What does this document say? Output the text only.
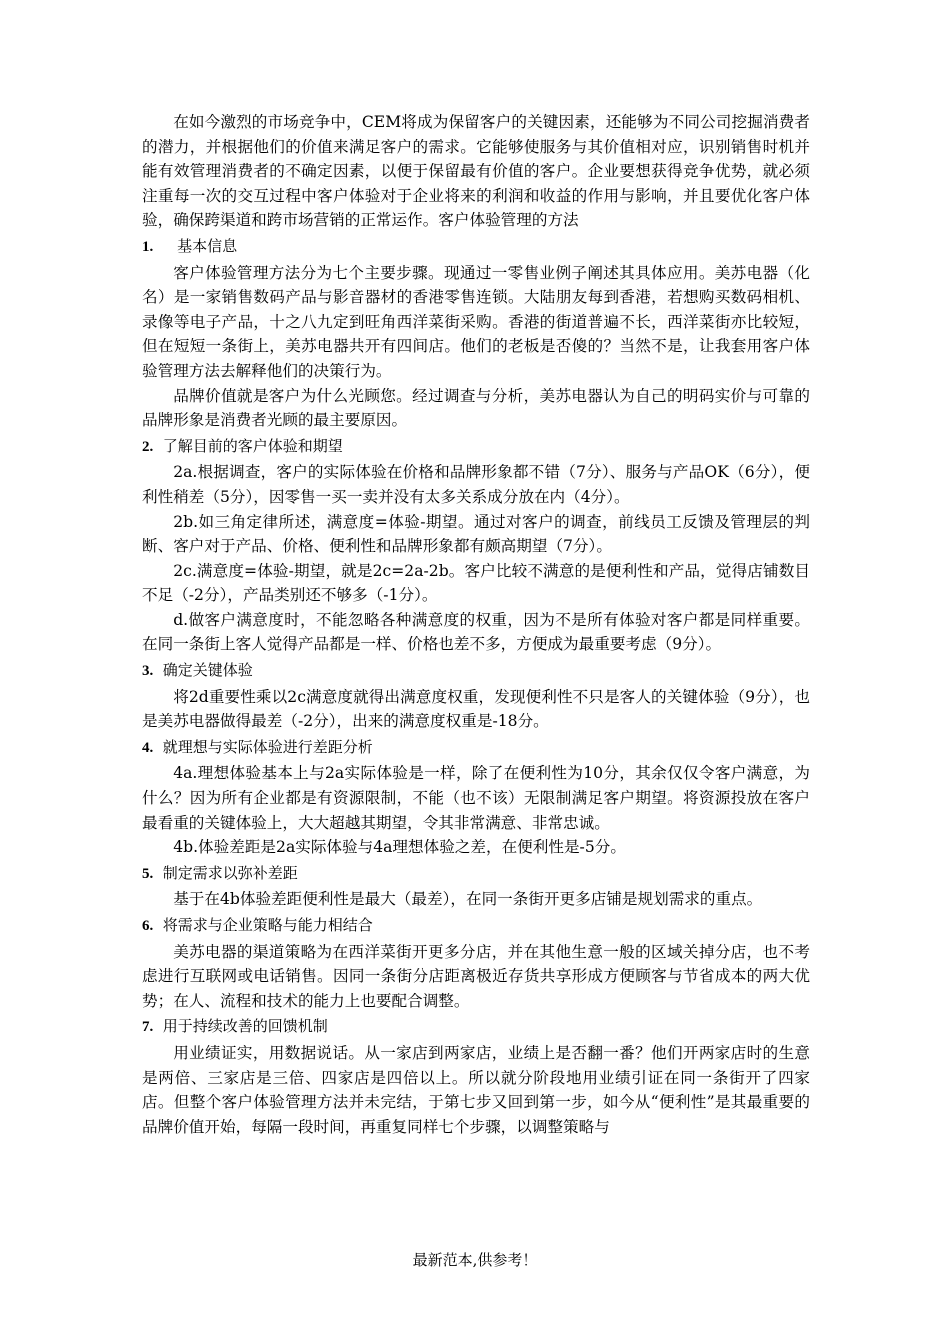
在如今激烈的市场竞争中，CEM将成为保留客户的关键因素，还能够为不同公司挖掘消费者的潜力，并根据他们的价值来满足客户的需求。它能够使服务与其价值相对应，识别销售时机并能有效管理消费者的不确定因素，以便于保留最有价值的客户。企业要想获得竞争优势，就必须注重每一次的交互过程中客户体验对于企业将来的利润和收益的作用与影响，并且要优化客户体验，确保跨渠道和跨市场营销的正常运作。客户体验管理的方法

1. 基本信息

客户体验管理方法分为七个主要步骤。现通过一零售业例子阐述其具体应用。美苏电器（化名）是一家销售数码产品与影音器材的香港零售连锁。大陆朋友每到香港，若想购买数码相机、录像等电子产品，十之八九定到旺角西洋菜街采购。香港的街道普遍不长，西洋菜街亦比较短，但在短短一条街上，美苏电器共开有四间店。他们的老板是否傻的？当然不是，让我套用客户体验管理方法去解释他们的决策行为。

品牌价值就是客户为什么光顾您。经过调查与分析，美苏电器认为自己的明码实价与可靠的品牌形象是消费者光顾的最主要原因。

2. 了解目前的客户体验和期望

2a.根据调查，客户的实际体验在价格和品牌形象都不错（7分）、服务与产品OK（6分），便利性稍差（5分），因零售一买一卖并没有太多关系成分放在内（4分）。

2b.如三角定律所述，满意度=体验-期望。通过对客户的调查，前线员工反馈及管理层的判断、客户对于产品、价格、便利性和品牌形象都有颇高期望（7分）。

2c.满意度=体验-期望，就是2c=2a-2b。客户比较不满意的是便利性和产品，觉得店铺数目不足（-2分），产品类别还不够多（-1分）。

d.做客户满意度时，不能忽略各种满意度的权重，因为不是所有体验对客户都是同样重要。在同一条街上客人觉得产品都是一样、价格也差不多，方便成为最重要考虑（9分）。

3. 确定关键体验

将2d重要性乘以2c满意度就得出满意度权重，发现便利性不只是客人的关键体验（9分），也是美苏电器做得最差（-2分），出来的满意度权重是-18分。

4. 就理想与实际体验进行差距分析

4a.理想体验基本上与2a实际体验是一样，除了在便利性为10分，其余仅仅令客户满意，为什么？因为所有企业都是有资源限制，不能（也不该）无限制满足客户期望。将资源投放在客户最看重的关键体验上，大大超越其期望，令其非常满意、非常忠诚。

4b.体验差距是2a实际体验与4a理想体验之差，在便利性是-5分。

5. 制定需求以弥补差距

基于在4b体验差距便利性是最大（最差），在同一条街开更多店铺是规划需求的重点。

6. 将需求与企业策略与能力相结合

美苏电器的渠道策略为在西洋菜街开更多分店，并在其他生意一般的区域关掉分店，也不考虑进行互联网或电话销售。因同一条街分店距离极近存货共享形成方便顾客与节省成本的两大优势；在人、流程和技术的能力上也要配合调整。

7. 用于持续改善的回馈机制

用业绩证实，用数据说话。从一家店到两家店，业绩上是否翻一番？他们开两家店时的生意是两倍、三家店是三倍、四家店是四倍以上。所以就分阶段地用业绩引证在同一条街开了四家店。但整个客户体验管理方法并未完结，于第七步又回到第一步，如今从“便利性”是其最重要的品牌价值开始，每隔一段时间，再重复同样七个步骤，以调整策略与

最新范本,供参考！
